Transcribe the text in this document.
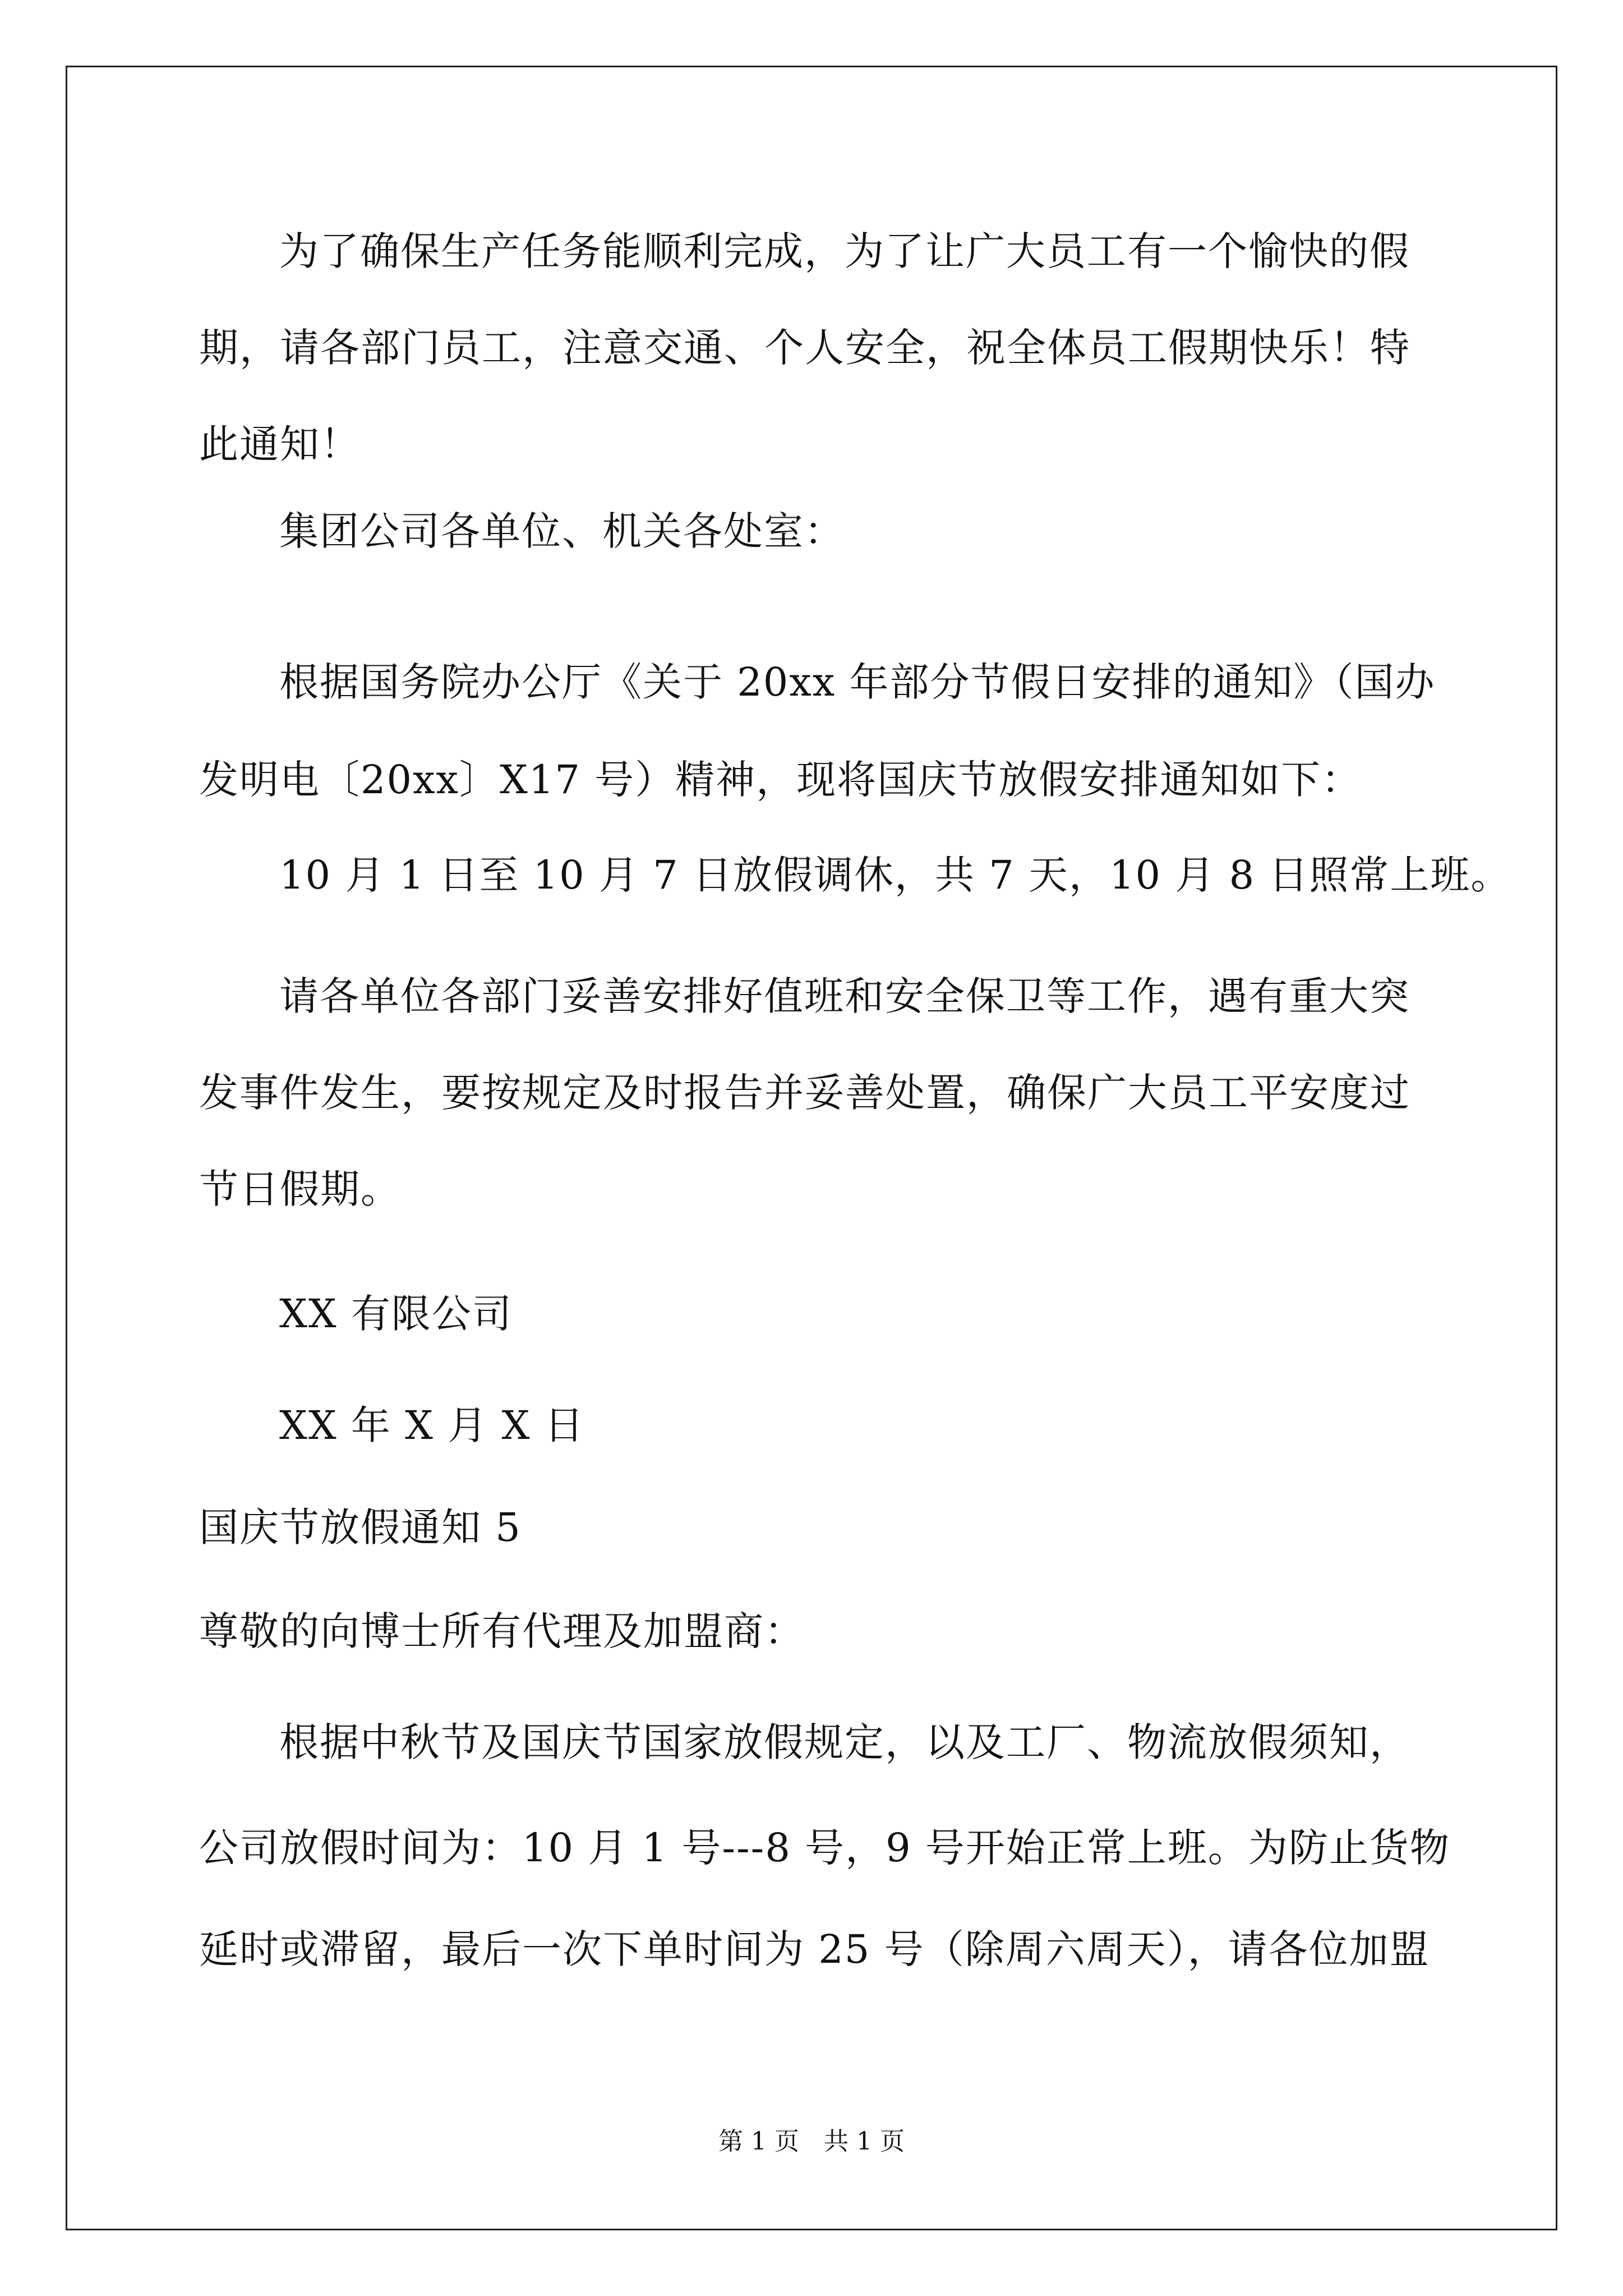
为了确保生产任务能顺利完成，为了让广大员工有一个愉快的假
期，请各部门员工，注意交通、个人安全，祝全体员工假期快乐！特
此通知！
集团公司各单位、机关各处室：
根据国务院办公厅《关于 20xx 年部分节假日安排的通知》（国办
发明电〔20xx〕X17 号）精神，现将国庆节放假安排通知如下：
10 月 1 日至 10 月 7 日放假调休，共 7 天，10 月 8 日照常上班。
请各单位各部门妥善安排好值班和安全保卫等工作，遇有重大突
发事件发生，要按规定及时报告并妥善处置，确保广大员工平安度过
节日假期。
XX 有限公司
XX 年 X 月 X 日
国庆节放假通知 5
尊敬的向博士所有代理及加盟商：
根据中秋节及国庆节国家放假规定，以及工厂、物流放假须知，
公司放假时间为：10 月 1 号---8 号，9 号开始正常上班。为防止货物
延时或滞留，最后一次下单时间为 25 号（除周六周天），请各位加盟
第 1 页　共 1 页
